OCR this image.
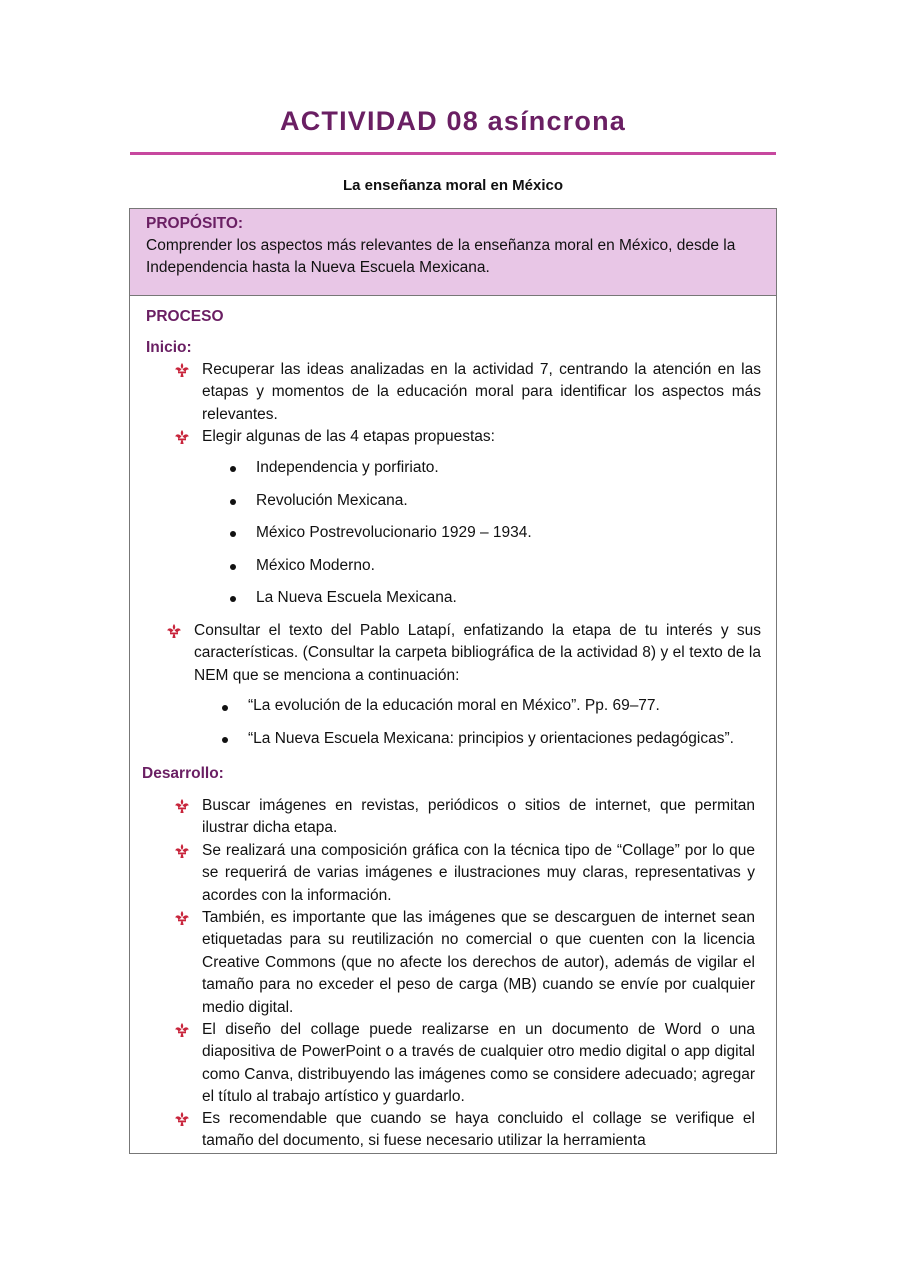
ACTIVIDAD 08 asíncrona
La enseñanza moral en México
PROPÓSITO:
Comprender los aspectos más relevantes de la enseñanza moral en México, desde la Independencia hasta la Nueva Escuela Mexicana.
PROCESO
Inicio:
Recuperar las ideas analizadas en la actividad 7, centrando la atención en las etapas y momentos de la educación moral para identificar los aspectos más relevantes.
Elegir algunas de las 4 etapas propuestas:
Independencia y porfiriato.
Revolución Mexicana.
México Postrevolucionario 1929 – 1934.
México Moderno.
La Nueva Escuela Mexicana.
Consultar el texto del Pablo Latapí, enfatizando la etapa de tu interés y sus características. (Consultar la carpeta bibliográfica de la actividad 8) y el texto de la NEM que se menciona a continuación:
“La evolución de la educación moral en México”. Pp. 69–77.
“La Nueva Escuela Mexicana: principios y orientaciones pedagógicas”.
Desarrollo:
Buscar imágenes en revistas, periódicos o sitios de internet, que permitan ilustrar dicha etapa.
Se realizará una composición gráfica con la técnica tipo de “Collage” por lo que se requerirá de varias imágenes e ilustraciones muy claras, representativas y acordes con la información.
También, es importante que las imágenes que se descarguen de internet sean etiquetadas para su reutilización no comercial o que cuenten con la licencia Creative Commons (que no afecte los derechos de autor), además de vigilar el tamaño para no exceder el peso de carga (MB) cuando se envíe por cualquier medio digital.
El diseño del collage puede realizarse en un documento de Word o una diapositiva de PowerPoint o a través de cualquier otro medio digital o app digital como Canva, distribuyendo las imágenes como se considere adecuado; agregar el título al trabajo artístico y guardarlo.
Es recomendable que cuando se haya concluido el collage se verifique el tamaño del documento, si fuese necesario utilizar la herramienta
